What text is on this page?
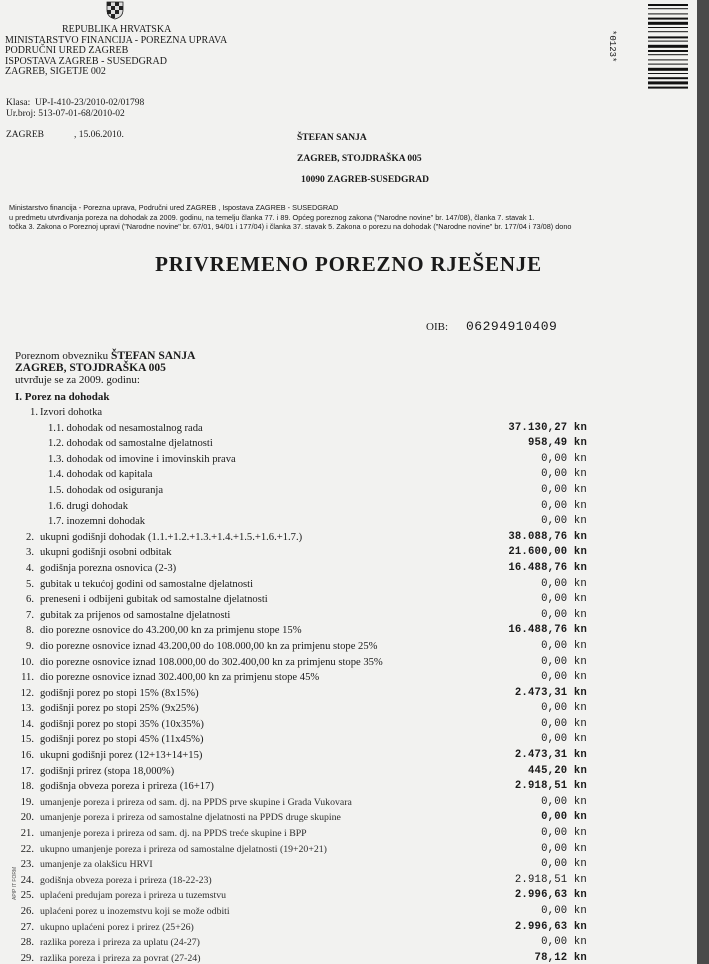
REPUBLIKA HRVATSKA
MINISTARSTVO FINANCIJA - POREZNA UPRAVA
PODRUČNI URED ZAGREB
ISPOSTAVA ZAGREB - SUSEDGRAD
ZAGREB, SIGETJE 002
Klasa: UP-I-410-23/2010-02/01798
Ur.broj: 513-07-01-68/2010-02
ZAGREB	, 15.06.2010.	ŠTEFAN SANJA
ZAGREB, STOJDRAŠKA 005
10090 ZAGREB-SUSEDGRAD
*0123*
Ministarstvo financija - Porezna uprava, Područni ured ZAGREB , Ispostava ZAGREB - SUSEDGRAD
u predmetu utvrđivanja poreza na dohodak za 2009. godinu, na temelju članka 77. i 89. Općeg poreznog zakona ("Narodne novine" br. 147/08), članka 7. stavak 1.
točka 3. Zakona o Poreznoj upravi ("Narodne novine" br. 67/01, 94/01 i 177/04) i članka 37. stavak 5. Zakona o porezu na dohodak ("Narodne novine" br. 177/04 i 73/08) dono
PRIVREMENO POREZNO RJEŠENJE
OIB: 06294910409
Poreznom obvezniku ŠTEFAN SANJA
ZAGREB, STOJDRAŠKA 005
utvrđuje se za 2009. godinu:
I. Porez na dohodak
1. Izvori dohotka
1.1. dohodak od nesamostalnog rada	37.130,27 kn
1.2. dohodak od samostalne djelatnosti	958,49 kn
1.3. dohodak od imovine i imovinskih prava	0,00 kn
1.4. dohodak od kapitala	0,00 kn
1.5. dohodak od osiguranja	0,00 kn
1.6. drugi dohodak	0,00 kn
1.7. inozemni dohodak	0,00 kn
2. ukupni godišnji dohodak (1.1.+1.2.+1.3.+1.4.+1.5.+1.6.+1.7.)	38.088,76 kn
3. ukupni godišnji osobni odbitak	21.600,00 kn
4. godišnja porezna osnovica (2-3)	16.488,76 kn
5. gubitak u tekućoj godini od samostalne djelatnosti	0,00 kn
6. preneseni i odbijeni gubitak od samostalne djelatnosti	0,00 kn
7. gubitak za prijenos od samostalne djelatnosti	0,00 kn
8. dio porezne osnovice do 43.200,00 kn za primjenu stope 15%	16.488,76 kn
9. dio porezne osnovice iznad 43.200,00 do 108.000,00 kn za primjenu stope 25%	0,00 kn
10. dio porezne osnovice iznad 108.000,00 do 302.400,00 kn za primjenu stope 35%	0,00 kn
11. dio porezne osnovice iznad 302.400,00 kn za primjenu stope 45%	0,00 kn
12. godišnji porez po stopi 15% (8x15%)	2.473,31 kn
13. godišnji porez po stopi 25% (9x25%)	0,00 kn
14. godišnji porez po stopi 35% (10x35%)	0,00 kn
15. godišnji porez po stopi 45% (11x45%)	0,00 kn
16. ukupni godišnji porez (12+13+14+15)	2.473,31 kn
17. godišnji prirez (stopa 18,000%)	445,20 kn
18. godišnja obveza poreza i prireza (16+17)	2.918,51 kn
19. umanjenje poreza i prireza od sam. dj. na PPDS prve skupine i Grada Vukovara	0,00 kn
20. umanjenje poreza i prireza od samostalne djelatnosti na PPDS druge skupine	0,00 kn
21. umanjenje poreza i prireza od sam. dj. na PPDS treće skupine i BPP	0,00 kn
22. ukupno umanjenje poreza i prireza od samostalne djelatnosti (19+20+21)	0,00 kn
23. umanjenje za olakšicu HRVI	0,00 kn
24. godišnja obveza poreza i prireza (18-22-23)	2.918,51 kn
25. uplaćeni predujam poreza i prireza u tuzemstvu	2.996,63 kn
26. uplaćeni porez u inozemstvu koji se može odbiti	0,00 kn
27. ukupno uplaćeni porez i prirez (25+26)	2.996,63 kn
28. razlika poreza i prireza za uplatu (24-27)	0,00 kn
29. razlika poreza i prireza za povrat (27-24)	78,12 kn
APIP IT FORM
